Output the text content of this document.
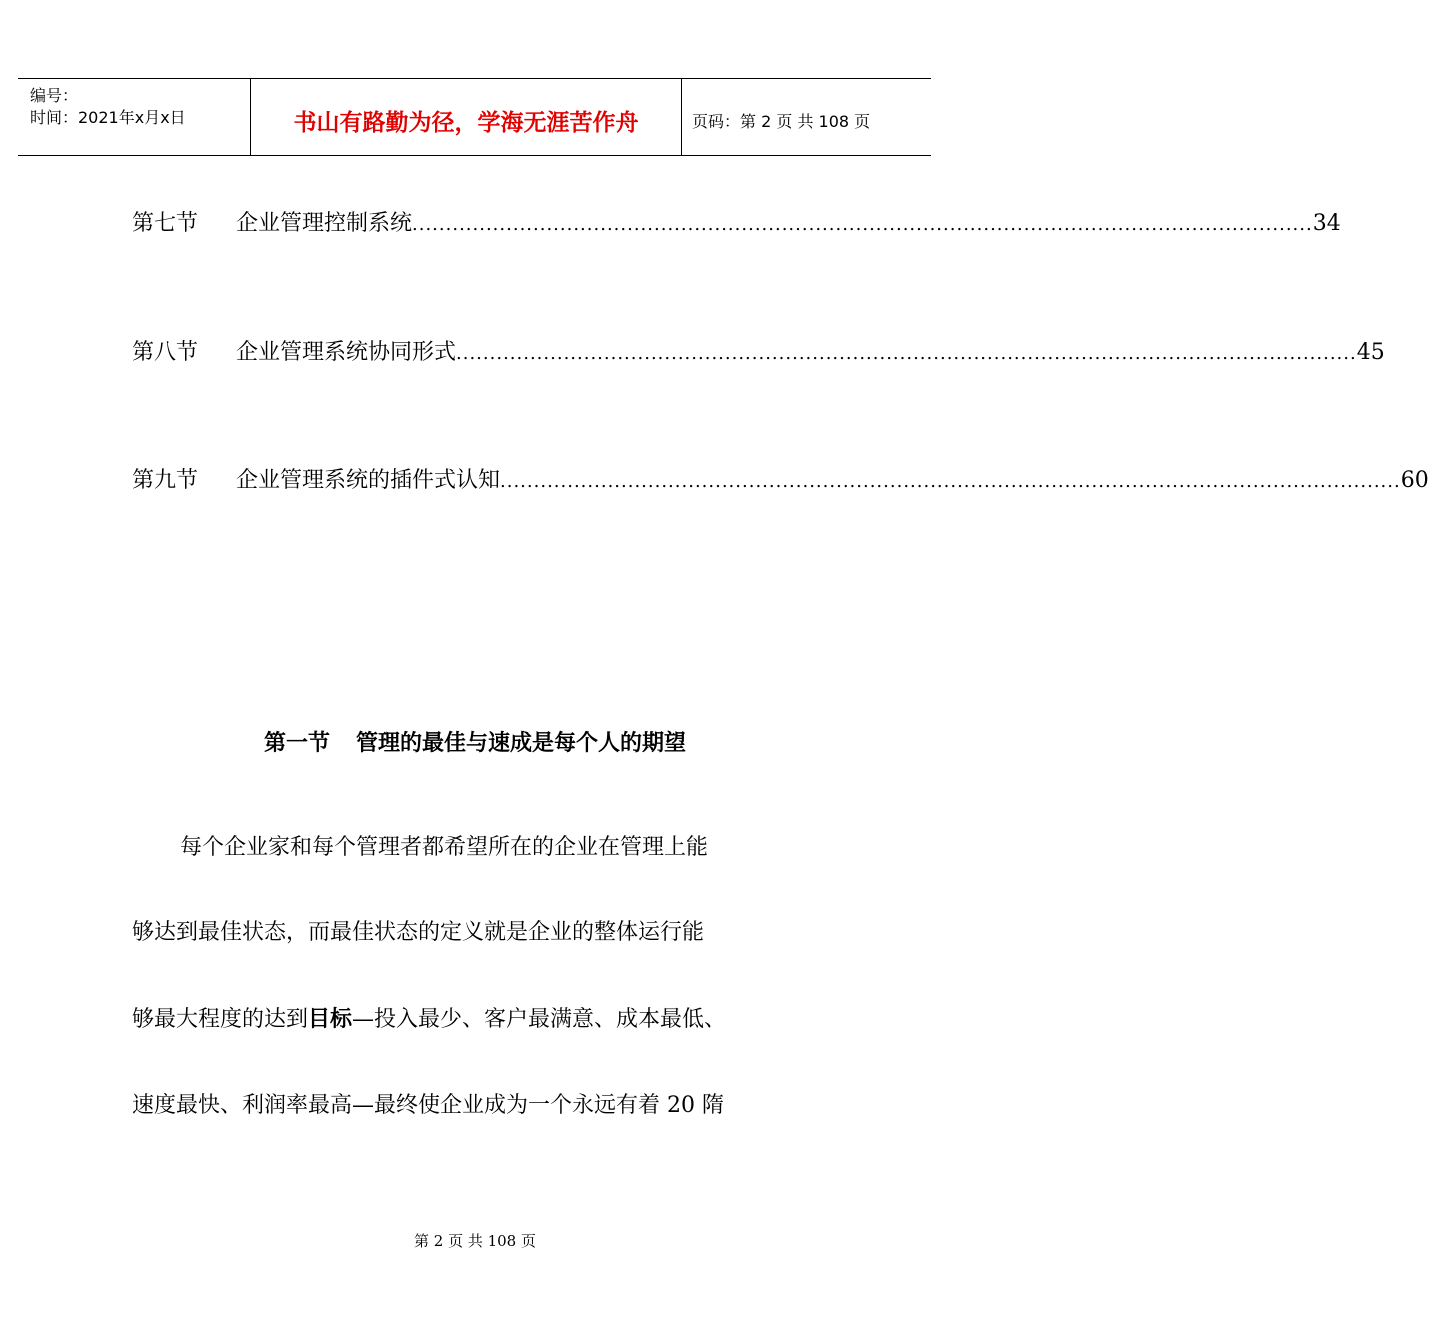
编号：
时间：2021年x月x日	书山有路勤为径，学海无涯苦作舟	页码：第 2 页 共 108 页
第七节	企业管理控制系统 ...................................................................................................................................... 34
第八节	企业管理系统协同形式 ...................................................................................................................................... 45
第九节	企业管理系统的插件式认知 ...................................................................................................................................... 60
第一节 管理的最佳与速成是每个人的期望
每个企业家和每个管理者都希望所在的企业在管理上能
够达到最佳状态，而最佳状态的定义就是企业的整体运行能
够最大程度的达到目标—投入最少、客户最满意、成本最低、
速度最快、利润率最高—最终使企业成为一个永远有着 20 隋
第 2 页 共 108 页
